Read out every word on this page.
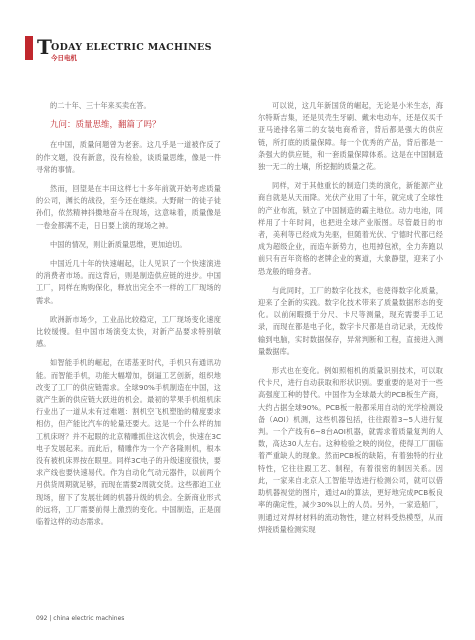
T ODAY ELECTRIC MACHINES
今日电机

的二十年、三十年来买卖在答。

九问：质量思维，翻篇了吗？

在中国，质量问题曾为老套。这几乎是一道被作反了的作文题，没有新意，没有检验，谈质量思维，像是一件寻常的事情。

然而，回望是在丰田这样七十多年前就开始考虑质量的公司，渊长的战役，至今还在继续。大野耐一的徒子徒孙们，依然精神抖擞地奋斗在现场，这意味着，质量像是一卷金都满不走，日日要上演的现场之神。

中国的情况，则让新质量思维，更加迫切。

中国近几十年的快速崛起，让人见识了一个快速演进的消费者市场。而这背后，则是制造供应链的进步。中国工厂，同样在购购保化，释放出完全不一样的工厂现场的需求。

欧洲新市场少，工业品比较稳定，工厂现场变化速度比较缓慢。但中国市场演变太快，对新产品要求特别敏感。

如智能手机的崛起，在诺基亚时代，手机只有通讯功能。而智能手机，功能大幅增加，倒逼工艺创新，组织地改变了工厂的供应链需求。全球90%手机制造在中国，这就产生新的供应链大跃进的机会。最初的苹果手机组机床行业出了一道从未有过难题：割机空飞机塑胎的精度要求相仿，但产能比汽车的轮量还要大。这是一个什么样的加工机床呀？并不起眼的北京精雕抓住这次机会，快速在3C电子发展起来。而此后，精雕作为一个产各隆则机，根本没有被机床界按在眼里。同样3C电子的升级速度很快，要求产线也要快速易代。作为自动化气动元器件，以前两个月供货周期就足够，而现在需要2周就交货。这些都迫工业现场，留下了发展壮阔的机器升级的机会。全新商业形式的远将，工厂需要前得上激烈的变化。中国制造，正是面临着这样的动态需求。

可以说，这几年新国货的崛起，无论是小米生态，海尔特斯吉集，还是贝壳生牙刷、戴未电动车，还是仅买千亚马逊排名第二的女装电商希音，背后都是强大的供应链，所打底的质量保障。每一个优秀的产品，背后都是一条强大的供应链，和一套质量保障体系。这是在中国制造独一无二的土壤，所挖掘的质量之花。

同样，对于其他重长的制造门类的演化，新能源产业商自就是从天而降。光伏产业用了十年，就完成了全球性的产业布流，锁立了中国制造的霸主地位。动力电池，同样用了十年时间，也把进全球产业版图。尽管最日的市者，美利等已经成为先驱，但随着光伏、宁德时代都已经成为超级企业，而造车新势力，也甩掉包袱，全力奔跑以前只有百年资格的老牌企业的赛道，大象静望，迎来了小恐龙般的暗身者。

与此同时，工厂的数字化技术，也使得数字化质量，迎来了全新的实践。数字化技术带来了质量数据形态的变化。以前闲暇摄于分尺、卡尺等测量，现充需要手工记录，而现在都是电子化，数字卡尺都是自动记录，无线传输到电脑，实时数据保存，异常判断和工程，直接进入测量数据库。

形式也在变化。例如照相机的质量识别技术，可以取代卡尺，进行自动获取和形状识别。要重要的是对于一些高强度工种的替代。中国作为全球最大的PCB板生产商，大约占据全球90%。PCB板一般都采用自动的光学检测设备（AOI）机测，这些机器包括，往往跟着3~5人进行复判。一个产线有6~8台AOI机器，就需求着质量复判的人数，高达30人左右。这种检验之映的岗位，使得工厂面临着严重缺人的现象。然而PCB板的缺陷，有着独特的行业特性，它往往跟工艺、制程，有着很密的制因关系。因此，一家来自北京人工智能导选进行检测公司，就可以借助机器视觉的图片，通过AI的算法，更好地完成PCB板良率的确定性，减少30%以上的人员。另外，一家造船厂，则通过对焊材材料的流动物性，建立材料受热模型，从而焊接质量检测实现

092 | china electric machines
